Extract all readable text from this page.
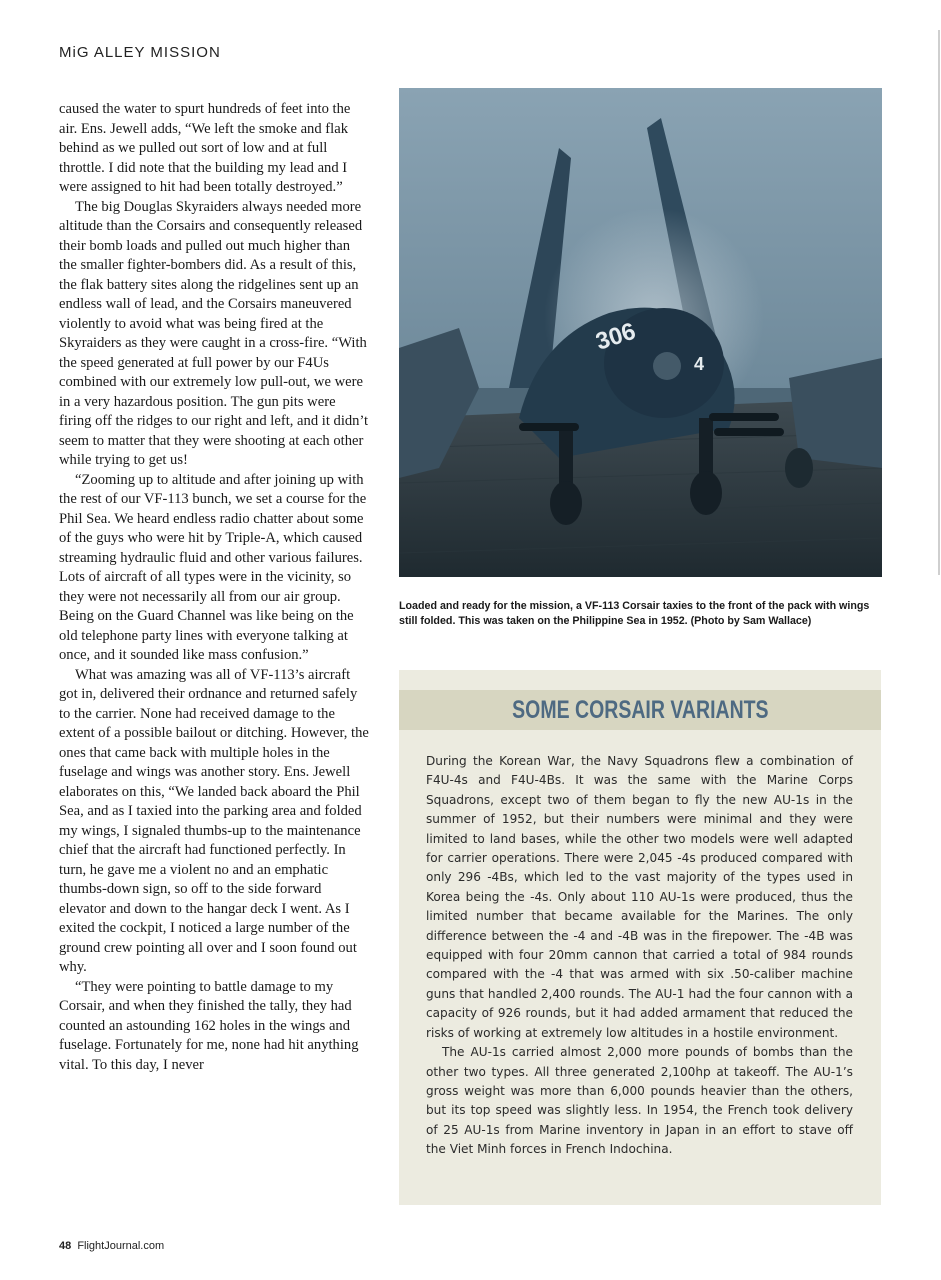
MiG ALLEY MISSION

caused the water to spurt hundreds of feet into the air. Ens. Jewell adds, “We left the smoke and flak behind as we pulled out sort of low and at full throttle. I did note that the building my lead and I were assigned to hit had been totally destroyed.”

The big Douglas Skyraiders always needed more altitude than the Corsairs and consequently released their bomb loads and pulled out much higher than the smaller fighter-bombers did. As a result of this, the flak battery sites along the ridgelines sent up an endless wall of lead, and the Corsairs maneuvered violently to avoid what was being fired at the Skyraiders as they were caught in a cross-fire. “With the speed generated at full power by our F4Us combined with our extremely low pull-out, we were in a very hazardous position. The gun pits were firing off the ridges to our right and left, and it didn’t seem to matter that they were shooting at each other while trying to get us!

“Zooming up to altitude and after joining up with the rest of our VF-113 bunch, we set a course for the Phil Sea. We heard endless radio chatter about some of the guys who were hit by Triple-A, which caused streaming hydraulic fluid and other various failures. Lots of aircraft of all types were in the vicinity, so they were not necessarily all from our air group. Being on the Guard Channel was like being on the old telephone party lines with everyone talking at once, and it sounded like mass confusion.”

What was amazing was all of VF-113’s aircraft got in, delivered their ordnance and returned safely to the carrier. None had received damage to the extent of a possible bailout or ditching. However, the ones that came back with multiple holes in the fuselage and wings was another story. Ens. Jewell elaborates on this, “We landed back aboard the Phil Sea, and as I taxied into the parking area and folded my wings, I signaled thumbs-up to the maintenance chief that the aircraft had functioned perfectly. In turn, he gave me a violent no and an emphatic thumbs-down sign, so off to the side forward elevator and down to the hangar deck I went. As I exited the cockpit, I noticed a large number of the ground crew pointing all over and I soon found out why.

“They were pointing to battle damage to my Corsair, and when they finished the tally, they had counted an astounding 162 holes in the wings and fuselage. Fortunately for me, none had hit anything vital. To this day, I never

306
4
Loaded and ready for the mission, a VF-113 Corsair taxies to the front of the pack with wings still folded. This was taken on the Philippine Sea in 1952. (Photo by Sam Wallace)
SOME CORSAIR VARIANTS

During the Korean War, the Navy Squadrons flew a combination of F4U-4s and F4U-4Bs. It was the same with the Marine Corps Squadrons, except two of them began to fly the new AU-1s in the summer of 1952, but their numbers were minimal and they were limited to land bases, while the other two models were well adapted for carrier operations. There were 2,045 -4s produced compared with only 296 -4Bs, which led to the vast majority of the types used in Korea being the -4s. Only about 110 AU-1s were produced, thus the limited number that became available for the Marines. The only difference between the -4 and -4B was in the firepower. The -4B was equipped with four 20mm cannon that carried a total of 984 rounds compared with the -4 that was armed with six .50-caliber machine guns that handled 2,400 rounds. The AU-1 had the four cannon with a capacity of 926 rounds, but it had added armament that reduced the risks of working at extremely low altitudes in a hostile environment.

The AU-1s carried almost 2,000 more pounds of bombs than the other two types. All three generated 2,100hp at takeoff. The AU-1’s gross weight was more than 6,000 pounds heavier than the others, but its top speed was slightly less. In 1954, the French took delivery of 25 AU-1s from Marine inventory in Japan in an effort to stave off the Viet Minh forces in French Indochina.

48 FlightJournal.com
